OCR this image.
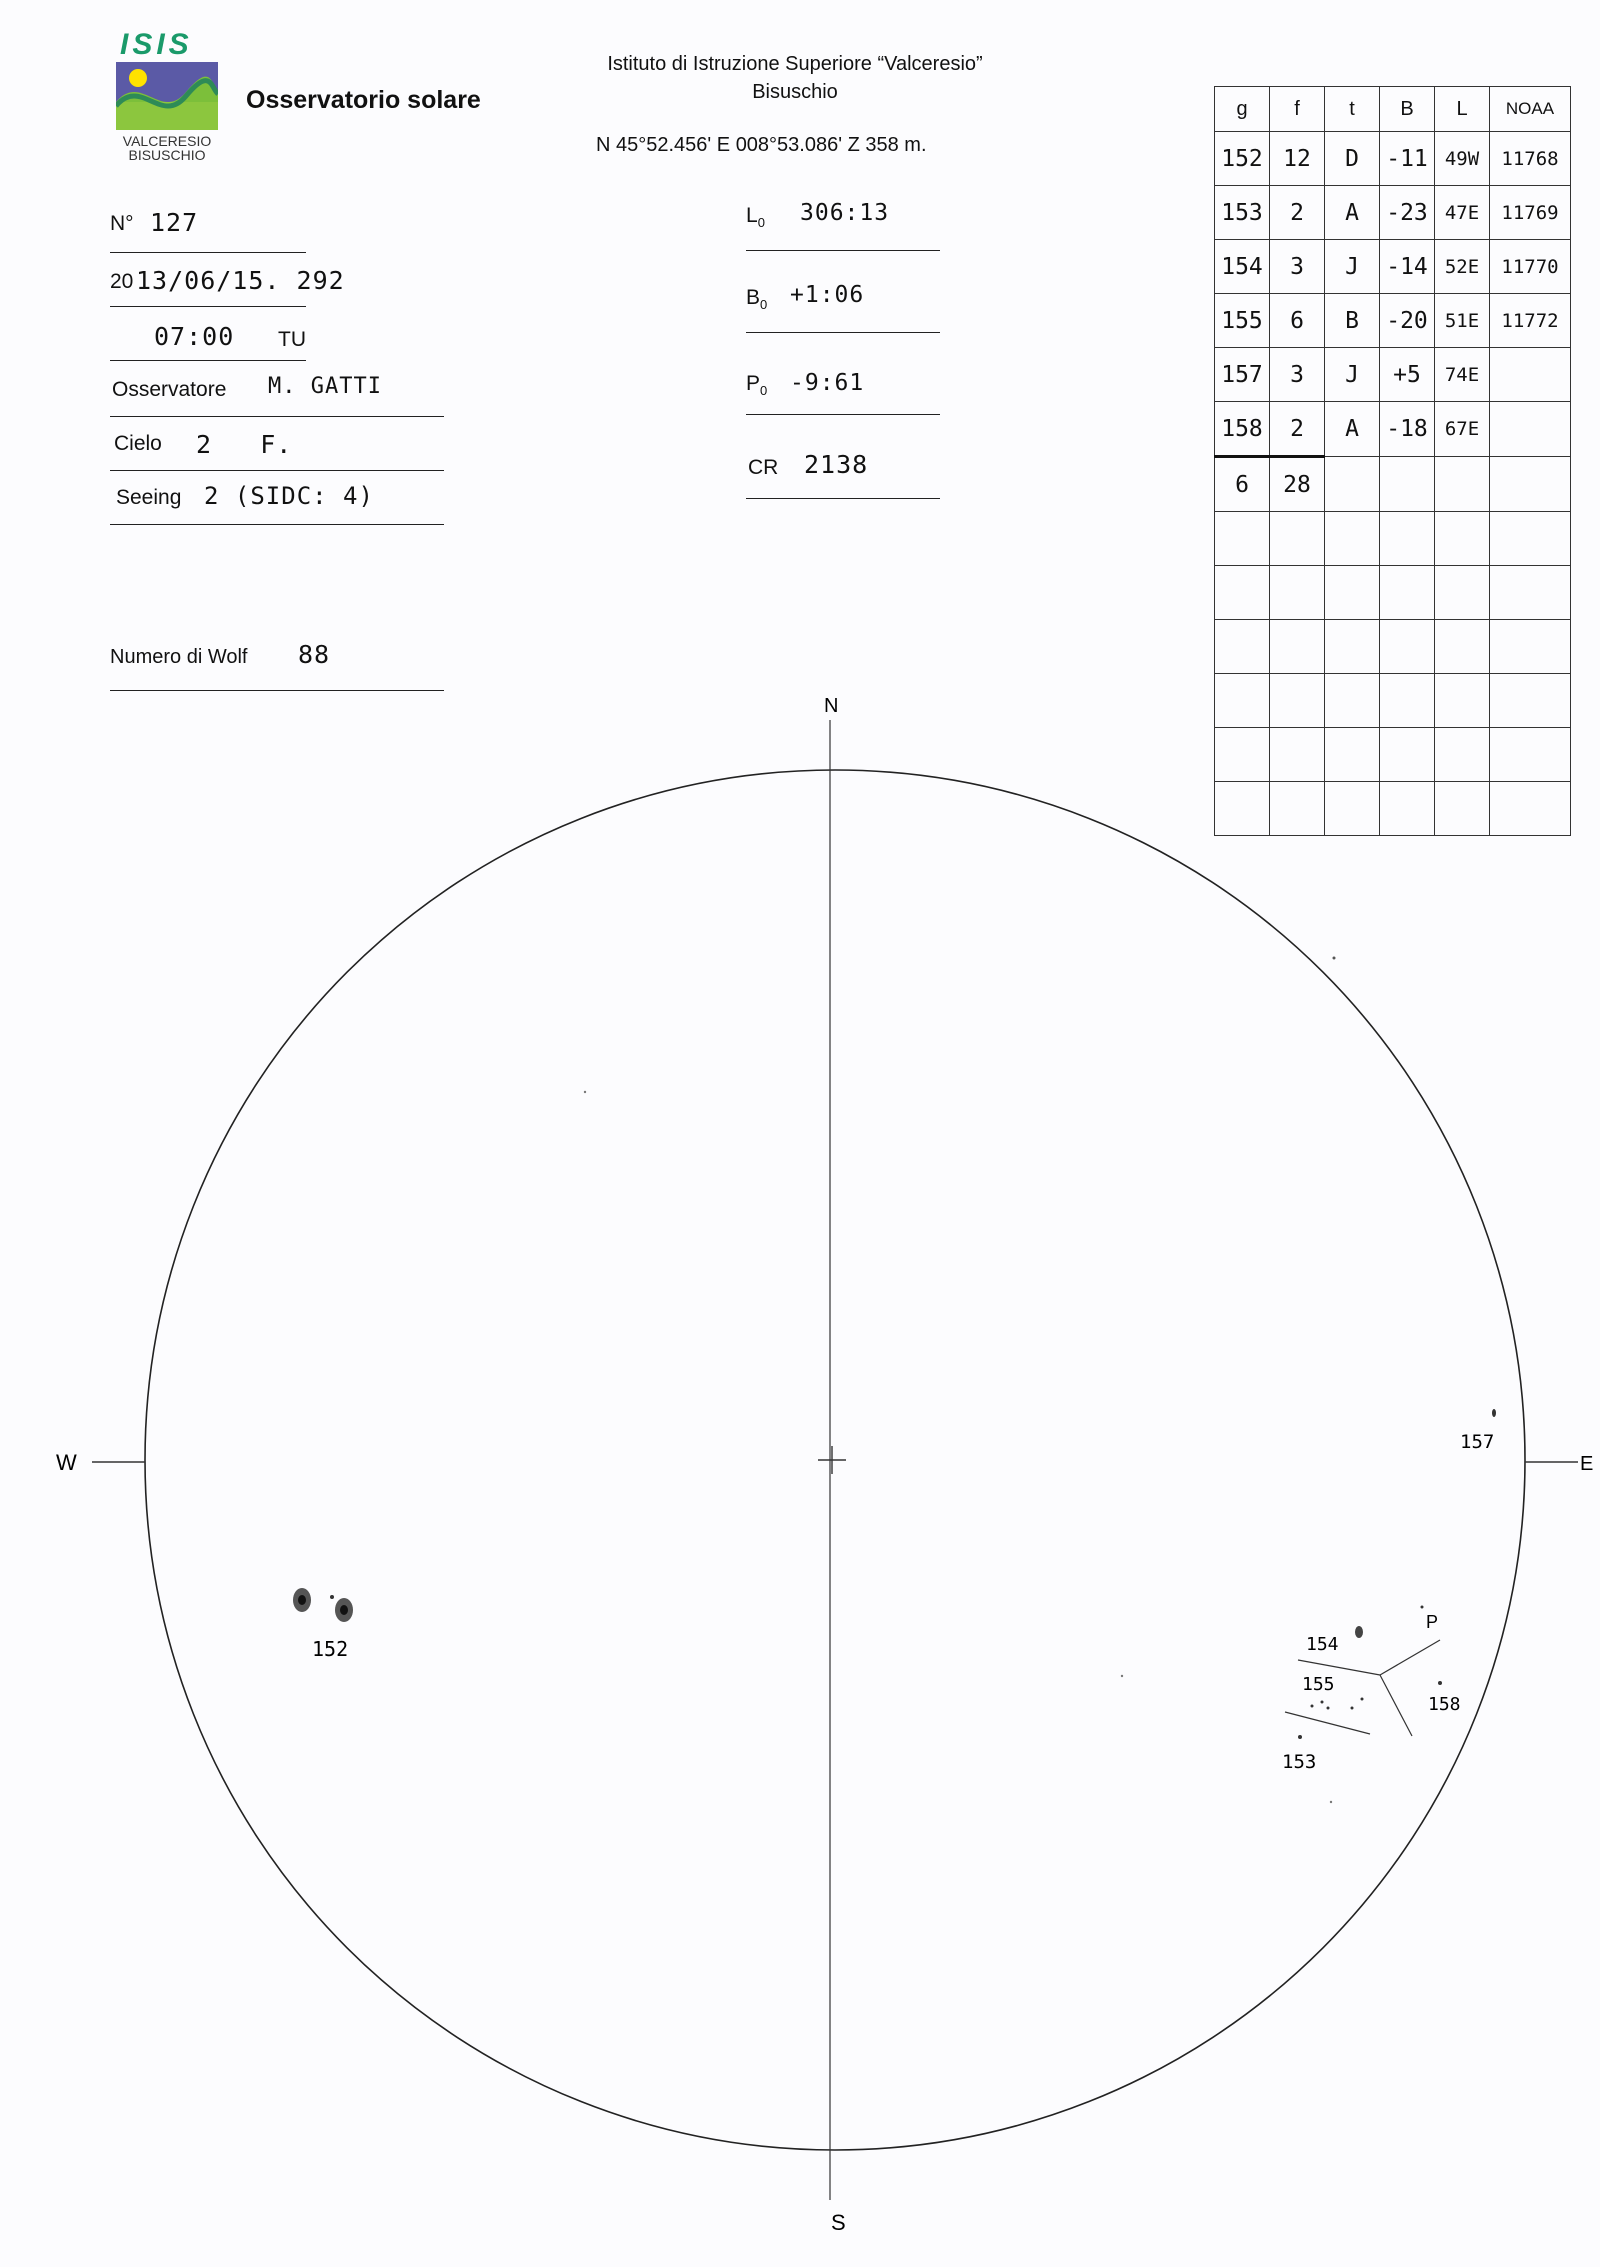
ISIS
VALCERESIO
BISUSCHIO
Osservatorio solare
Istituto di Istruzione Superiore “Valceresio”
Bisuschio
N 45°52.456' E 008°53.086' Z 358 m.
N° 127
20 13/06/15. 292
07:00 TU
Osservatore M. GATTI
Cielo 2   F.
Seeing 2 (SIDC: 4)
Numero di Wolf 88
$L_0$ 306:13
$B_0$ +1:06
$P_0$ -9:61
CR 2138
g	f	t	B	L	NOAA
152	12	D	-11	49W	11768
153	2	A	-23	47E	11769
154	3	J	-14	52E	11770
155	6	B	-20	51E	11772
157	3	J	+5	74E	
158	2	A	-18	67E	
6	28				

N
S
W	E
152
157
154
P
155
153
158
